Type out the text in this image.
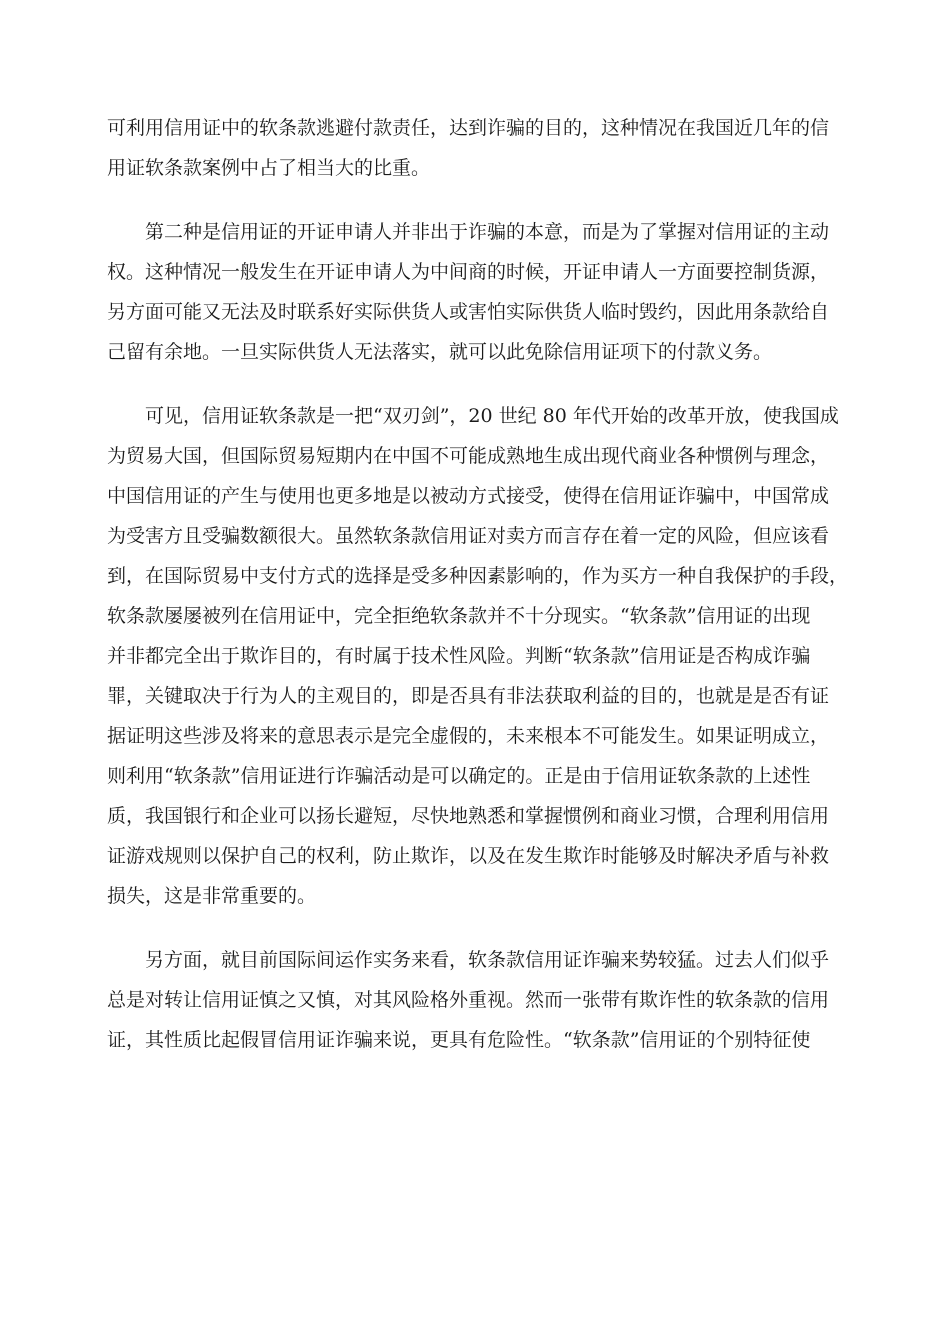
可利用信用证中的软条款逃避付款责任，达到诈骗的目的，这种情况在我国近几年的信
用证软条款案例中占了相当大的比重。

第二种是信用证的开证申请人并非出于诈骗的本意，而是为了掌握对信用证的主动
权。这种情况一般发生在开证申请人为中间商的时候，开证申请人一方面要控制货源，
另方面可能又无法及时联系好实际供货人或害怕实际供货人临时毁约，因此用条款给自
己留有余地。一旦实际供货人无法落实，就可以此免除信用证项下的付款义务。

可见，信用证软条款是一把“双刃剑”，20 世纪 80 年代开始的改革开放，使我国成
为贸易大国，但国际贸易短期内在中国不可能成熟地生成出现代商业各种惯例与理念，
中国信用证的产生与使用也更多地是以被动方式接受，使得在信用证诈骗中，中国常成
为受害方且受骗数额很大。虽然软条款信用证对卖方而言存在着一定的风险，但应该看
到，在国际贸易中支付方式的选择是受多种因素影响的，作为买方一种自我保护的手段，
软条款屡屡被列在信用证中，完全拒绝软条款并不十分现实。“软条款”信用证的出现
并非都完全出于欺诈目的，有时属于技术性风险。判断“软条款”信用证是否构成诈骗
罪，关键取决于行为人的主观目的，即是否具有非法获取利益的目的，也就是是否有证
据证明这些涉及将来的意思表示是完全虚假的，未来根本不可能发生。如果证明成立，
则利用“软条款”信用证进行诈骗活动是可以确定的。正是由于信用证软条款的上述性
质，我国银行和企业可以扬长避短，尽快地熟悉和掌握惯例和商业习惯，合理利用信用
证游戏规则以保护自己的权利，防止欺诈，以及在发生欺诈时能够及时解决矛盾与补救
损失，这是非常重要的。

另方面，就目前国际间运作实务来看，软条款信用证诈骗来势较猛。过去人们似乎
总是对转让信用证慎之又慎，对其风险格外重视。然而一张带有欺诈性的软条款的信用
证，其性质比起假冒信用证诈骗来说，更具有危险性。“软条款”信用证的个别特征使
